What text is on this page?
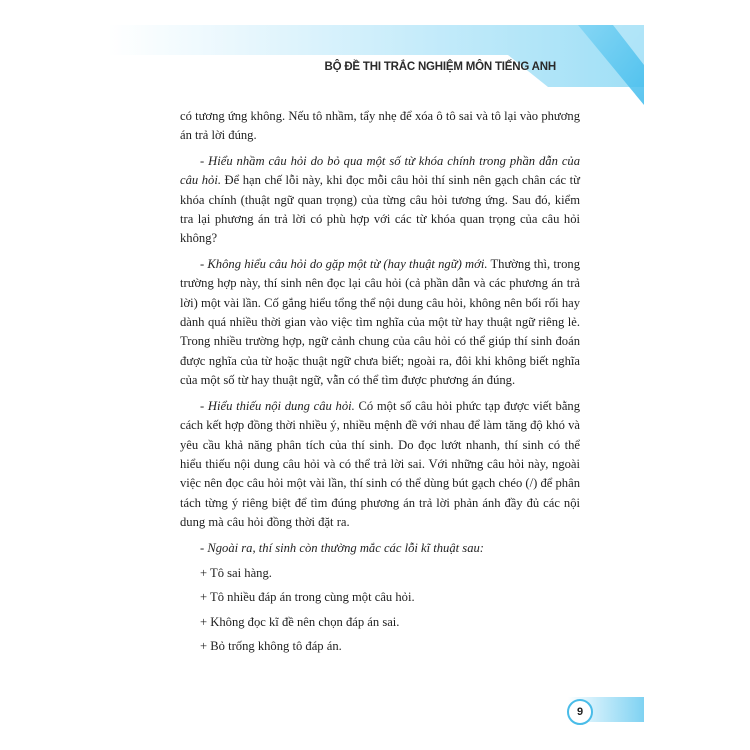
BỘ ĐỀ THI TRẮC NGHIỆM MÔN TIẾNG ANH

có tương ứng không. Nếu tô nhầm, tẩy nhẹ để xóa ô tô sai và tô lại vào phương án trả lời đúng.

- Hiểu nhầm câu hỏi do bỏ qua một số từ khóa chính trong phần dẫn của câu hỏi. Để hạn chế lỗi này, khi đọc mỗi câu hỏi thí sinh nên gạch chân các từ khóa chính (thuật ngữ quan trọng) của từng câu hỏi tương ứng. Sau đó, kiểm tra lại phương án trả lời có phù hợp với các từ khóa quan trọng của câu hỏi không?

- Không hiểu câu hỏi do gặp một từ (hay thuật ngữ) mới. Thường thì, trong trường hợp này, thí sinh nên đọc lại câu hỏi (cả phần dẫn và các phương án trả lời) một vài lần. Cố gắng hiểu tổng thể nội dung câu hỏi, không nên bối rối hay dành quá nhiều thời gian vào việc tìm nghĩa của một từ hay thuật ngữ riêng lẻ. Trong nhiều trường hợp, ngữ cảnh chung của câu hỏi có thể giúp thí sinh đoán được nghĩa của từ hoặc thuật ngữ chưa biết; ngoài ra, đôi khi không biết nghĩa của một số từ hay thuật ngữ, vẫn có thể tìm được phương án đúng.

- Hiểu thiếu nội dung câu hỏi. Có một số câu hỏi phức tạp được viết bằng cách kết hợp đồng thời nhiều ý, nhiều mệnh đề với nhau để làm tăng độ khó và yêu cầu khả năng phân tích của thí sinh. Do đọc lướt nhanh, thí sinh có thể hiểu thiếu nội dung câu hỏi và có thể trả lời sai. Với những câu hỏi này, ngoài việc nên đọc câu hỏi một vài lần, thí sinh có thể dùng bút gạch chéo (/) để phân tách từng ý riêng biệt để tìm đúng phương án trả lời phản ánh đầy đủ các nội dung mà câu hỏi đồng thời đặt ra.

- Ngoài ra, thí sinh còn thường mắc các lỗi kĩ thuật sau:

+ Tô sai hàng.

+ Tô nhiều đáp án trong cùng một câu hỏi.

+ Không đọc kĩ đề nên chọn đáp án sai.

+ Bỏ trống không tô đáp án.

9
